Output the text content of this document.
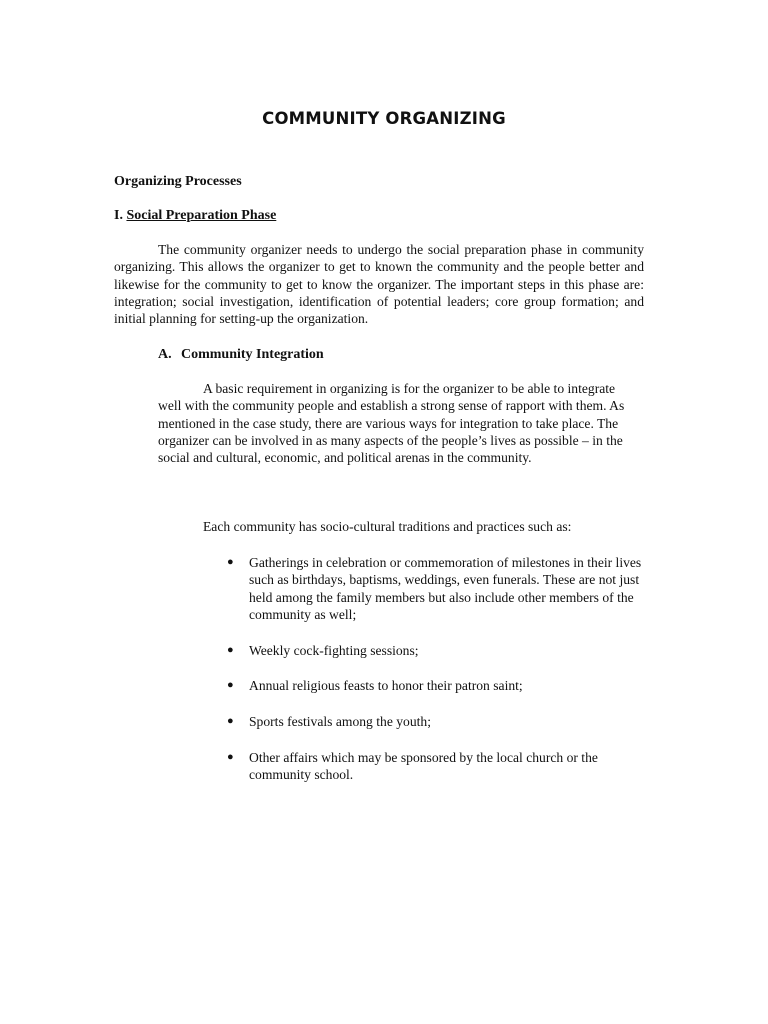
COMMUNITY ORGANIZING
Organizing Processes
I. Social Preparation Phase

The community organizer needs to undergo the social preparation phase in community organizing. This allows the organizer to get to known the community and the people better and likewise for the community to get to know the organizer. The important steps in this phase are: integration; social investigation, identification of potential leaders; core group formation; and initial planning for setting-up the organization.

A. Community Integration

A basic requirement in organizing is for the organizer to be able to integrate well with the community people and establish a strong sense of rapport with them. As mentioned in the case study, there are various ways for integration to take place. The organizer can be involved in as many aspects of the people’s lives as possible – in the social and cultural, economic, and political arenas in the community.

Each community has socio-cultural traditions and practices such as:

● Gatherings in celebration or commemoration of milestones in their lives such as birthdays, baptisms, weddings, even funerals. These are not just held among the family members but also include other members of the community as well;
● Weekly cock-fighting sessions;
● Annual religious feasts to honor their patron saint;
● Sports festivals among the youth;
● Other affairs which may be sponsored by the local church or the community school.
